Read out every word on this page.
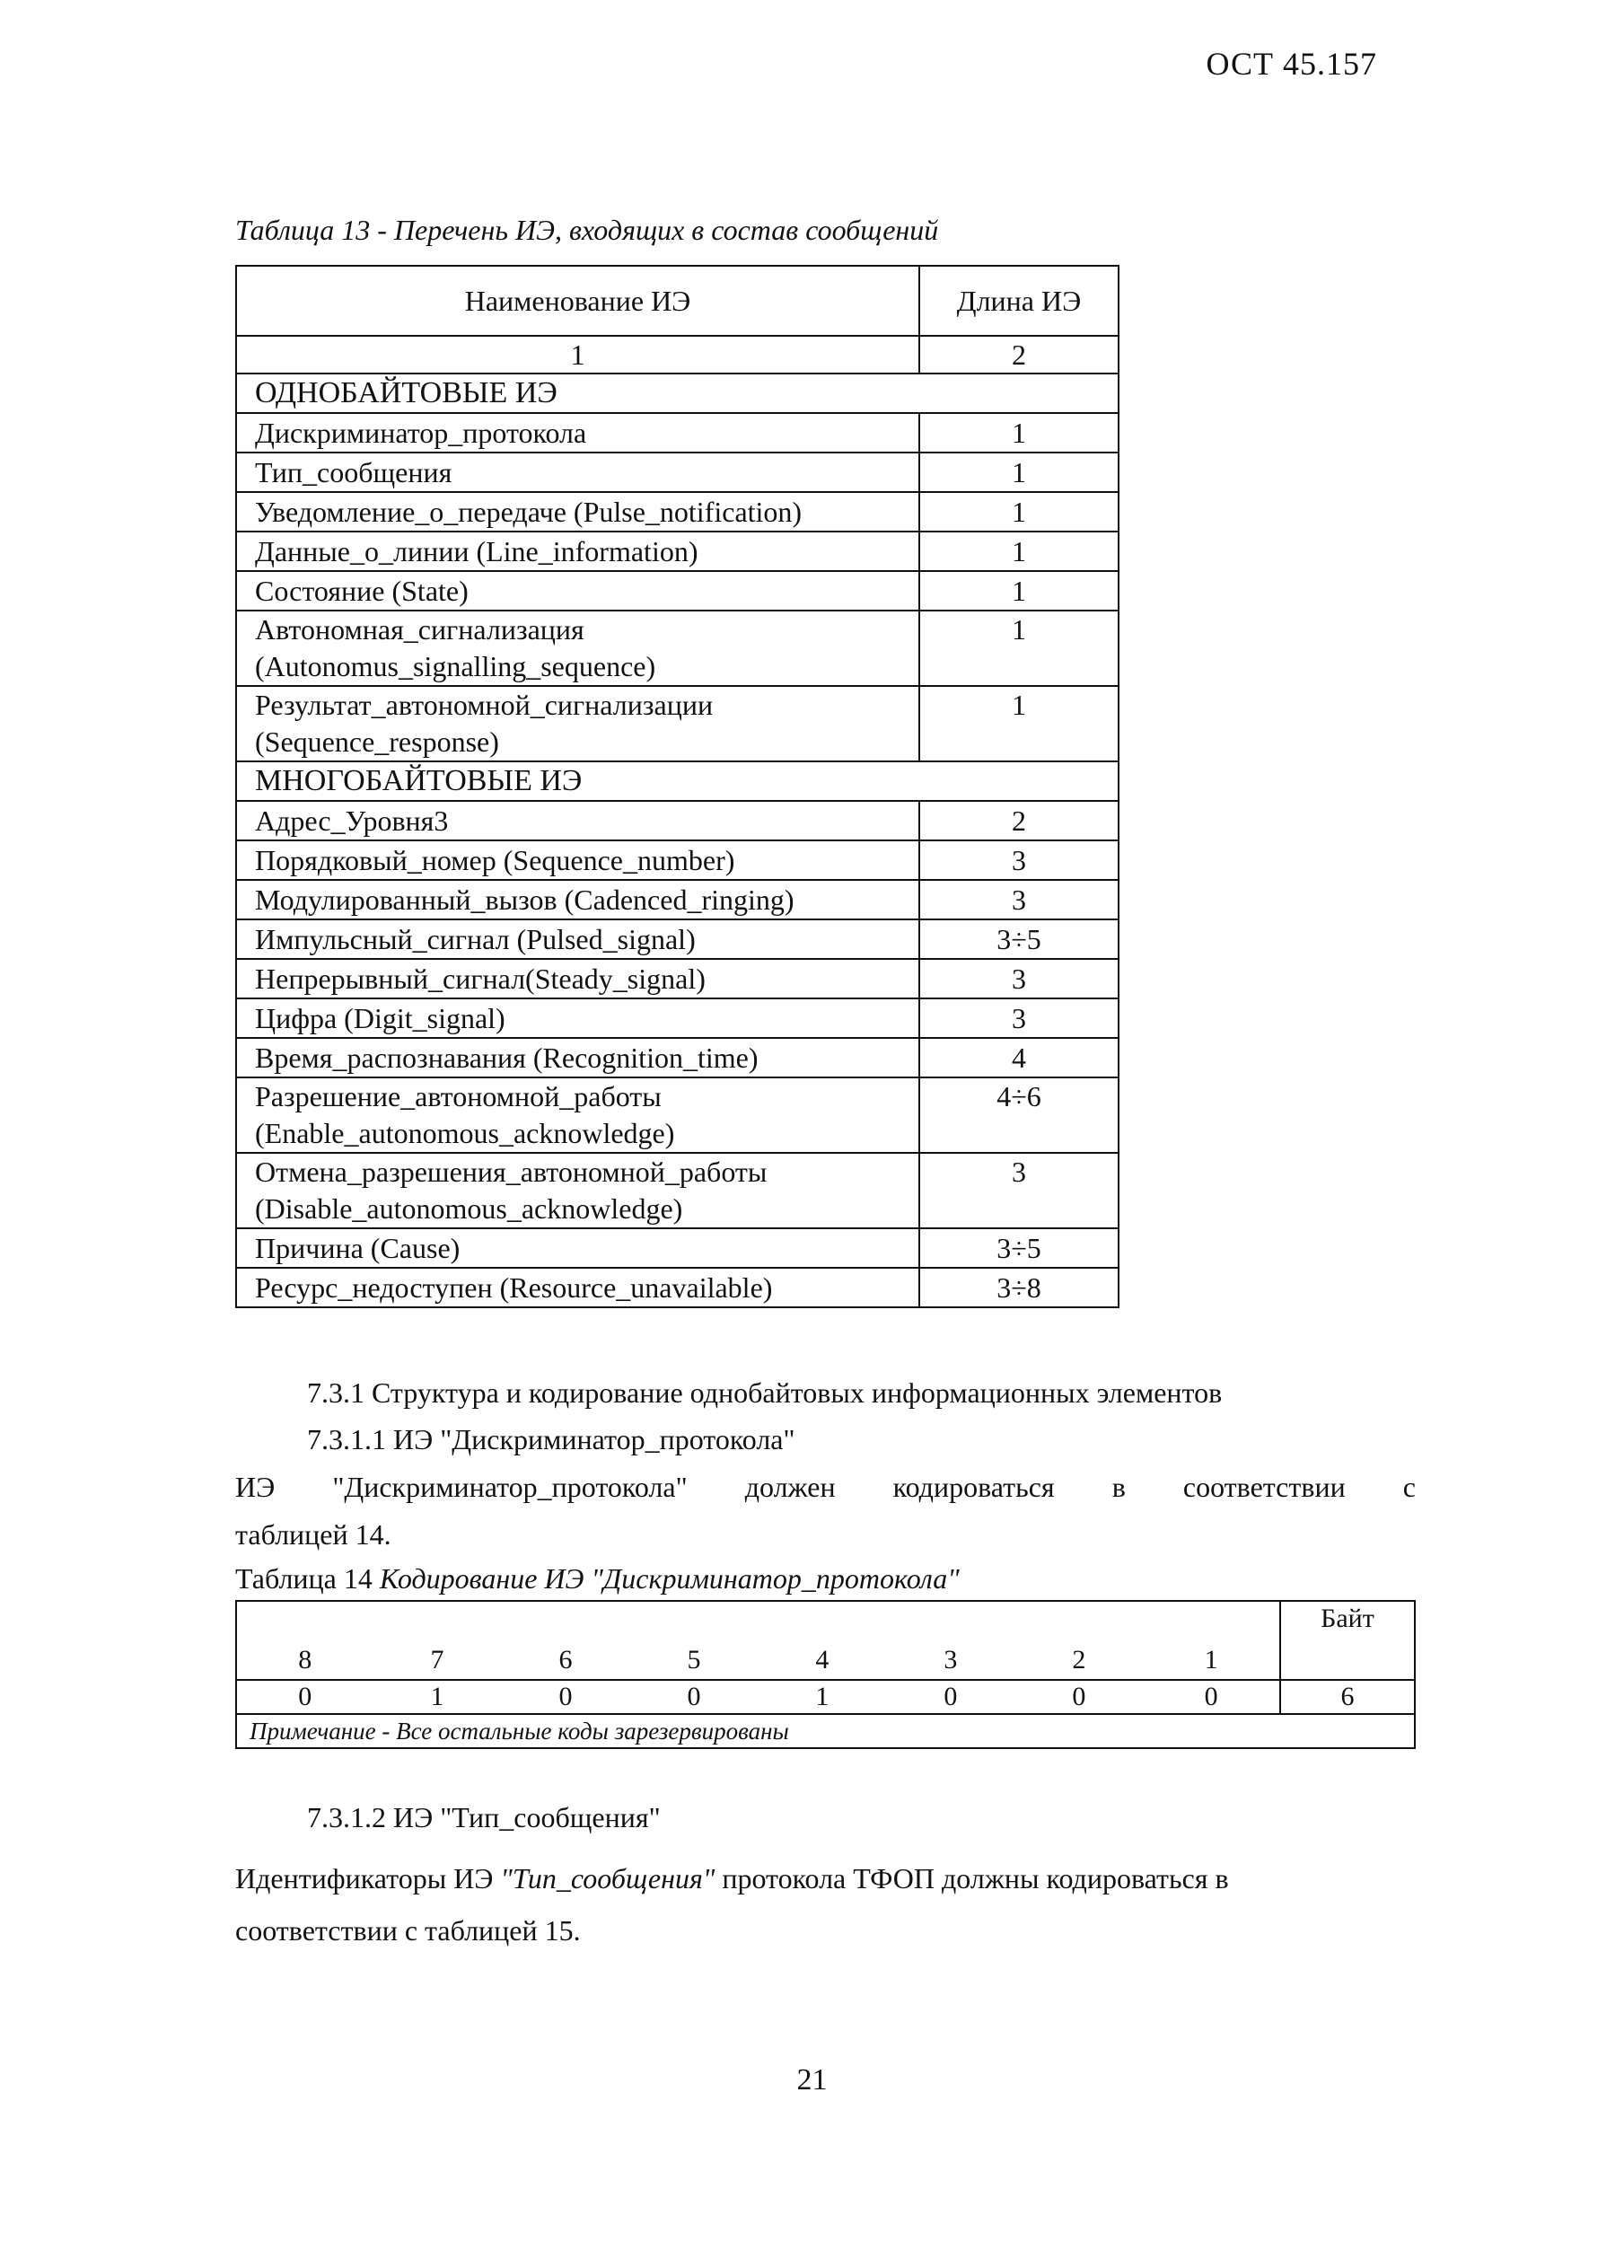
ОСТ 45.157
Таблица 13 - Перечень ИЭ, входящих в состав сообщений
Наименование ИЭ	Длина ИЭ
1	2
ОДНОБАЙТОВЫЕ ИЭ	
Дискриминатор_протокола	1
Тип_сообщения	1
Уведомление_о_передаче (Pulse_notification)	1
Данные_о_линии (Line_information)	1
Состояние (State)	1
Автономная_сигнализация
(Autonomus_signalling_sequence)	1
Результат_автономной_сигнализации
(Sequence_response)	1
МНОГОБАЙТОВЫЕ ИЭ	
Адрес_Уровня3	2
Порядковый_номер (Sequence_number)	3
Модулированный_вызов (Cadenced_ringing)	3
Импульсный_сигнал (Pulsed_signal)	3÷5
Непрерывный_сигнал(Steady_signal)	3
Цифра (Digit_signal)	3
Время_распознавания (Recognition_time)	4
Разрешение_автономной_работы
(Enable_autonomous_acknowledge)	4÷6
Отмена_разрешения_автономной_работы
(Disable_autonomous_acknowledge)	3
Причина (Cause)	3÷5
Ресурс_недоступен (Resource_unavailable)	3÷8
7.3.1 Структура и кодирование однобайтовых информационных элементов
7.3.1.1 ИЭ "Дискриминатор_протокола"
ИЭ "Дискриминатор_протокола" должен кодироваться в соответствии с
таблицей 14.
Таблица 14 Кодирование ИЭ "Дискриминатор_протокола"
8	7	6	5	4	3	2	1	Байт
0	1	0	0	1	0	0	0	6
Примечание - Все остальные коды зарезервированы								
7.3.1.2 ИЭ "Тип_сообщения"
Идентификаторы ИЭ "Тип_сообщения" протокола ТФОП должны кодироваться в
соответствии с таблицей 15.
21
